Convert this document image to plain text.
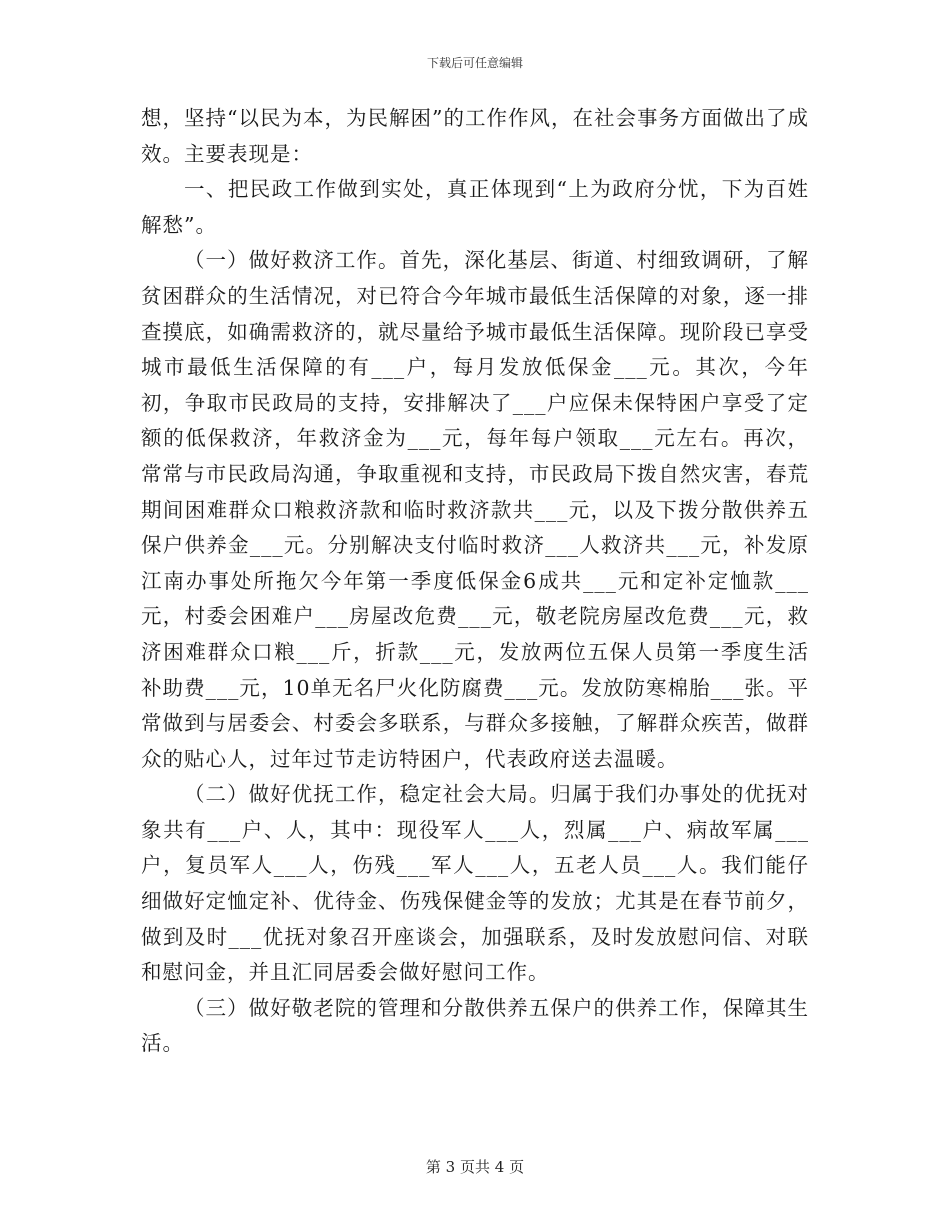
下载后可任意编辑

想，坚持“以民为本，为民解困”的工作作风，在社会事务方面做出了成效。主要表现是：

一、把民政工作做到实处，真正体现到“上为政府分忧，下为百姓解愁”。

（一）做好救济工作。首先，深化基层、街道、村细致调研，了解贫困群众的生活情况，对已符合今年城市最低生活保障的对象，逐一排查摸底，如确需救济的，就尽量给予城市最低生活保障。现阶段已享受城市最低生活保障的有___户，每月发放低保金___元。其次，今年初，争取市民政局的支持，安排解决了___户应保未保特困户享受了定额的低保救济，年救济金为___元，每年每户领取___元左右。再次，常常与市民政局沟通，争取重视和支持，市民政局下拨自然灾害，春荒期间困难群众口粮救济款和临时救济款共___元，以及下拨分散供养五保户供养金___元。分别解决支付临时救济___人救济共___元，补发原江南办事处所拖欠今年第一季度低保金6成共___元和定补定恤款___元，村委会困难户___房屋改危费___元，敬老院房屋改危费___元，救济困难群众口粮___斤，折款___元，发放两位五保人员第一季度生活补助费___元，10单无名尸火化防腐费___元。发放防寒棉胎___张。平常做到与居委会、村委会多联系，与群众多接触，了解群众疾苦，做群众的贴心人，过年过节走访特困户，代表政府送去温暖。

（二）做好优抚工作，稳定社会大局。归属于我们办事处的优抚对象共有___户、人，其中：现役军人___人，烈属___户、病故军属___户，复员军人___人，伤残___军人___人，五老人员___人。我们能仔细做好定恤定补、优待金、伤残保健金等的发放；尤其是在春节前夕，做到及时___优抚对象召开座谈会，加强联系，及时发放慰问信、对联和慰问金，并且汇同居委会做好慰问工作。

（三）做好敬老院的管理和分散供养五保户的供养工作，保障其生活。

第 3 页共 4 页
